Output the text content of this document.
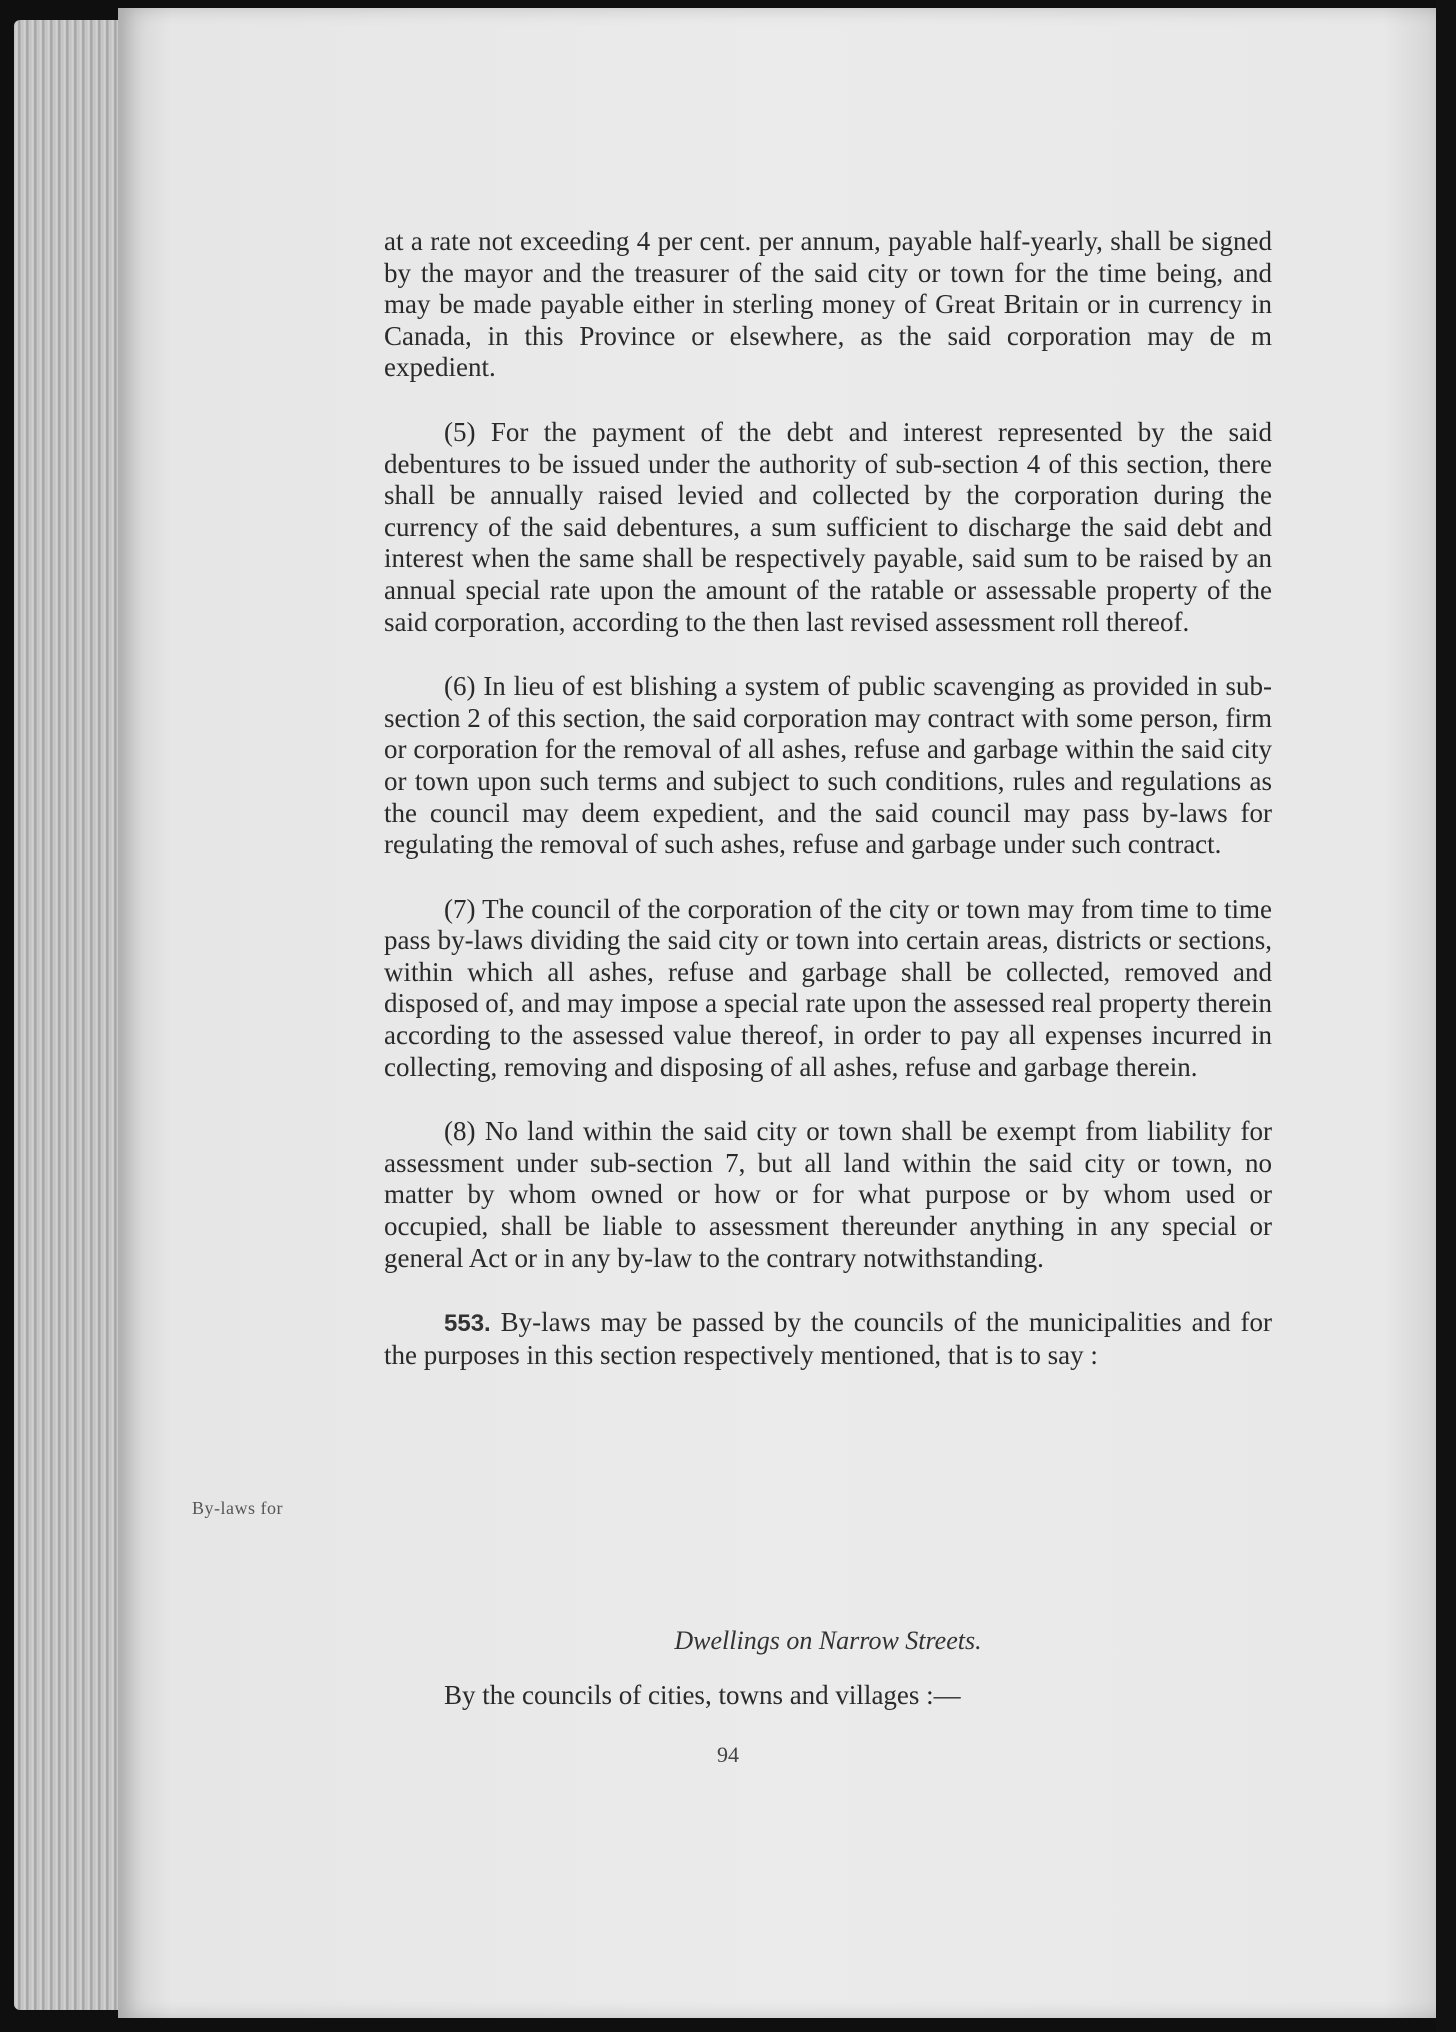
By-laws for

at a rate not exceeding 4 per cent. per annum, payable half-yearly, shall be signed by the mayor and the treasurer of the said city or town for the time being, and may be made payable either in sterling money of Great Britain or in currency in Canada, in this Province or elsewhere, as the said corporation may de m expedient.

(5) For the payment of the debt and interest represented by the said debentures to be issued under the authority of sub-section 4 of this section, there shall be annually raised levied and collected by the corporation during the currency of the said debentures, a sum sufficient to discharge the said debt and interest when the same shall be respectively payable, said sum to be raised by an annual special rate upon the amount of the ratable or assessable property of the said corporation, according to the then last revised assessment roll thereof.

(6) In lieu of est blishing a system of public scavenging as provided in sub-section 2 of this section, the said corporation may contract with some person, firm or corporation for the removal of all ashes, refuse and garbage within the said city or town upon such terms and subject to such conditions, rules and regulations as the council may deem expedient, and the said council may pass by-laws for regulating the removal of such ashes, refuse and garbage under such contract.

(7) The council of the corporation of the city or town may from time to time pass by-laws dividing the said city or town into certain areas, districts or sections, within which all ashes, refuse and garbage shall be collected, removed and disposed of, and may impose a special rate upon the assessed real property therein according to the assessed value thereof, in order to pay all expenses incurred in collecting, removing and disposing of all ashes, refuse and garbage therein.

(8) No land within the said city or town shall be exempt from liability for assessment under sub-section 7, but all land within the said city or town, no matter by whom owned or how or for what purpose or by whom used or occupied, shall be liable to assessment thereunder anything in any special or general Act or in any by-law to the contrary notwithstanding.

553. By-laws may be passed by the councils of the municipalities and for the purposes in this section respectively mentioned, that is to say :

Dwellings on Narrow Streets.
By the councils of cities, towns and villages :—
94
